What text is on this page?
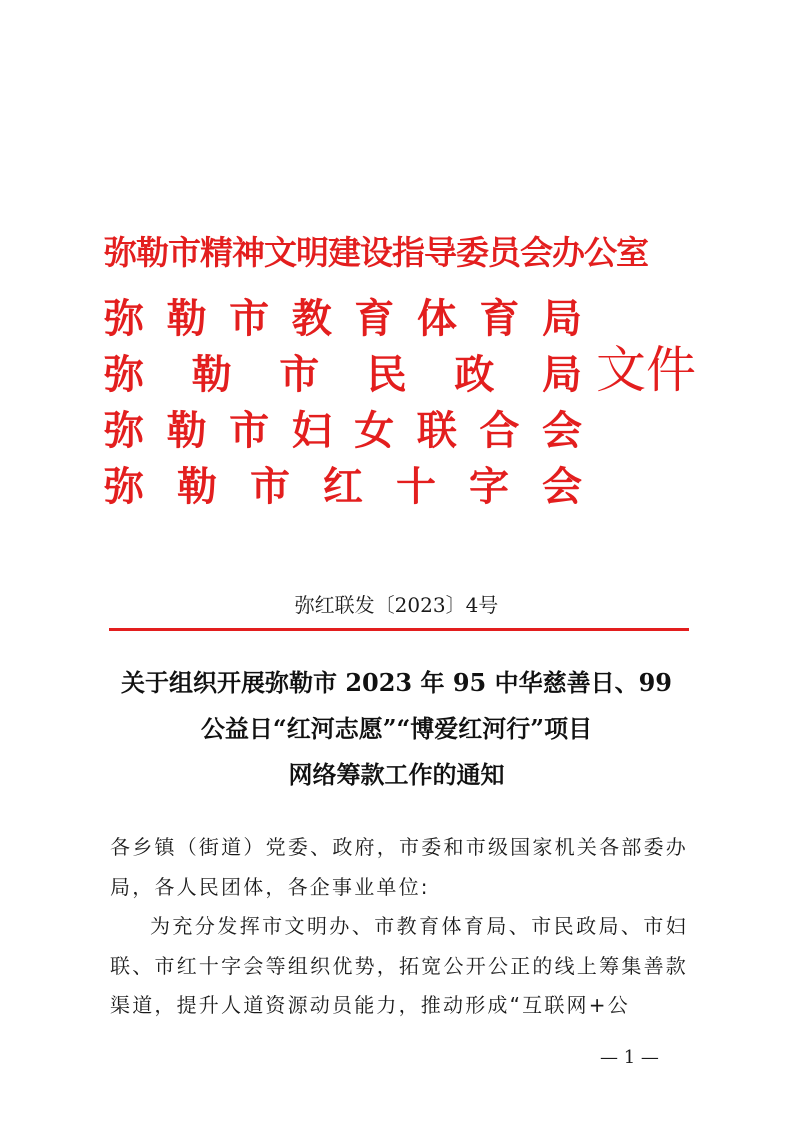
弥勒市精神文明建设指导委员会办公室
弥 勒 市 教 育 体 育 局
弥 勒 市 民 政 局
弥 勒 市 妇 女 联 合 会
弥 勒 市 红 十 字 会
文件
弥红联发〔2023〕4号
关于组织开展弥勒市 2023 年 95 中华慈善日、99
公益日“红河志愿”“博爱红河行”项目
网络筹款工作的通知
各乡镇（街道）党委、政府，市委和市级国家机关各部委办局，各人民团体，各企事业单位:
为充分发挥市文明办、市教育体育局、市民政局、市妇联、市红十字会等组织优势，拓宽公开公正的线上筹集善款渠道，提升人道资源动员能力，推动形成“互联网+公
— 1 —
